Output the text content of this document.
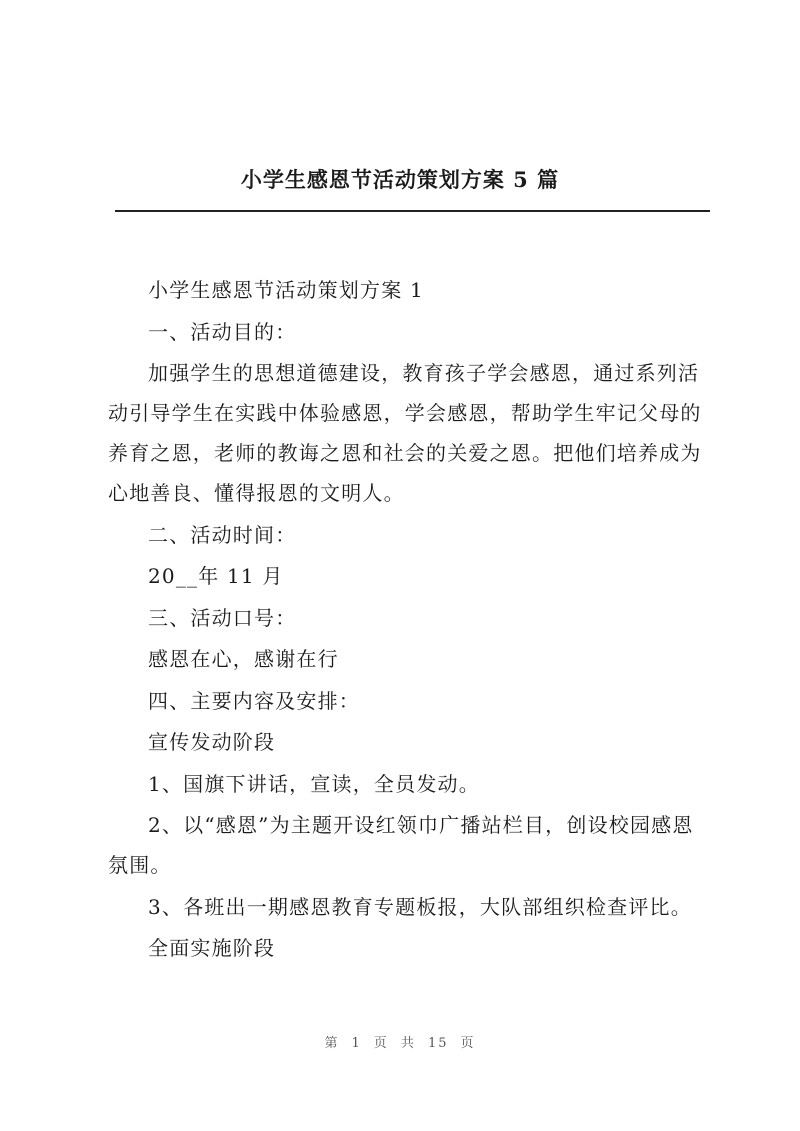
小学生感恩节活动策划方案 5 篇

小学生感恩节活动策划方案 1

一、活动目的：

加强学生的思想道德建设，教育孩子学会感恩，通过系列活动引导学生在实践中体验感恩，学会感恩，帮助学生牢记父母的养育之恩，老师的教诲之恩和社会的关爱之恩。把他们培养成为心地善良、懂得报恩的文明人。

二、活动时间：

20__年 11 月

三、活动口号：

感恩在心，感谢在行

四、主要内容及安排：

宣传发动阶段

1、国旗下讲话，宣读，全员发动。

2、以“感恩”为主题开设红领巾广播站栏目，创设校园感恩氛围。

3、各班出一期感恩教育专题板报，大队部组织检查评比。

全面实施阶段

第 1 页 共 15 页
